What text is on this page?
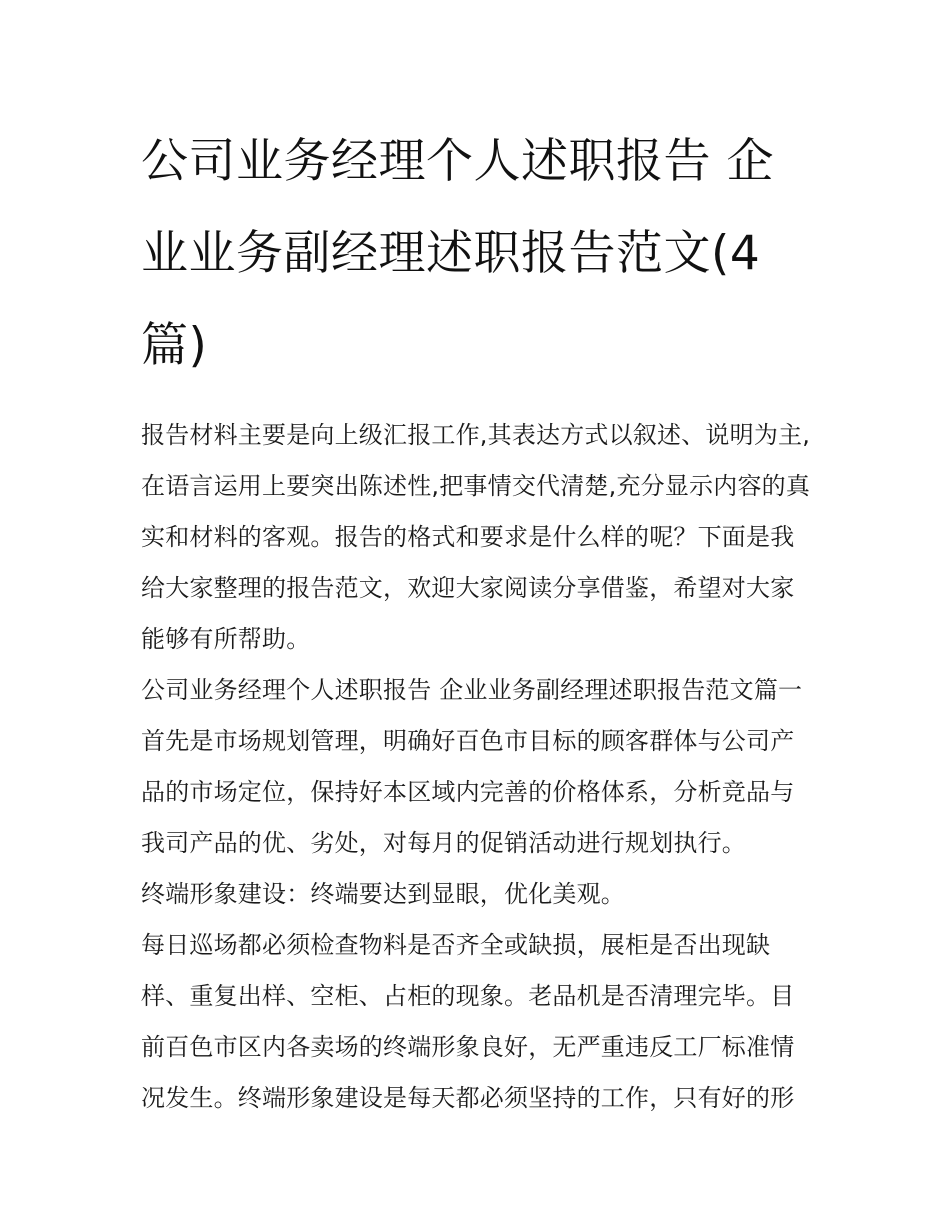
公司业务经理个人述职报告 企业业务副经理述职报告范文(4篇)

报告材料主要是向上级汇报工作,其表达方式以叙述、说明为主,在语言运用上要突出陈述性,把事情交代清楚,充分显示内容的真实和材料的客观。报告的格式和要求是什么样的呢？下面是我给大家整理的报告范文，欢迎大家阅读分享借鉴，希望对大家能够有所帮助。

公司业务经理个人述职报告 企业业务副经理述职报告范文篇一

首先是市场规划管理，明确好百色市目标的顾客群体与公司产品的市场定位，保持好本区域内完善的价格体系，分析竞品与我司产品的优、劣处，对每月的促销活动进行规划执行。

终端形象建设：终端要达到显眼，优化美观。

每日巡场都必须检查物料是否齐全或缺损，展柜是否出现缺样、重复出样、空柜、占柜的现象。老品机是否清理完毕。目前百色市区内各卖场的终端形象良好，无严重违反工厂标准情况发生。终端形象建设是每天都必须坚持的工作，只有好的形
